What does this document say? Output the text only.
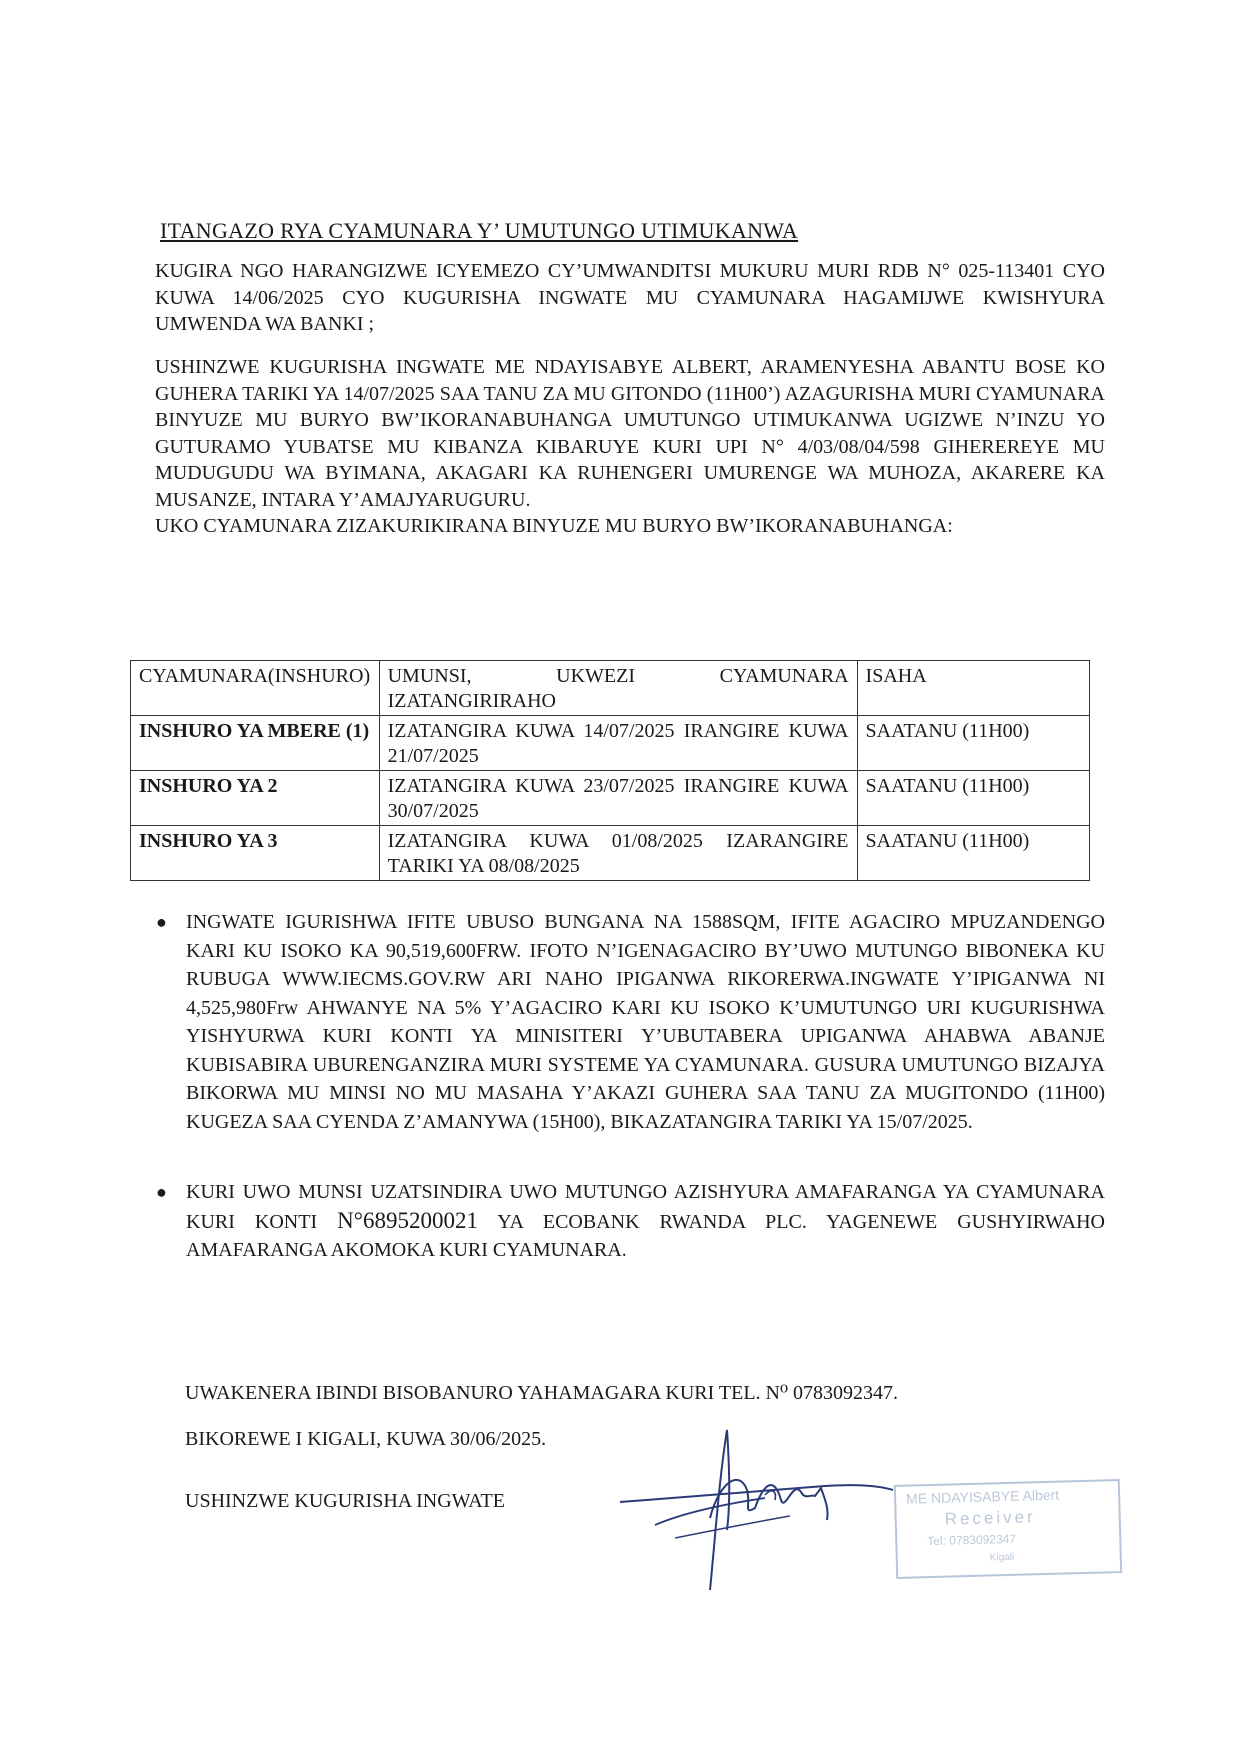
ITANGAZO RYA CYAMUNARA Y’ UMUTUNGO UTIMUKANWA

KUGIRA NGO HARANGIZWE ICYEMEZO CY’UMWANDITSI MUKURU MURI RDB N° 025-113401 CYO KUWA 14/06/2025 CYO KUGURISHA INGWATE MU CYAMUNARA HAGAMIJWE KWISHYURA UMWENDA WA BANKI ;

USHINZWE KUGURISHA INGWATE ME NDAYISABYE ALBERT, ARAMENYESHA ABANTU BOSE KO GUHERA TARIKI YA 14/07/2025 SAA TANU ZA MU GITONDO (11H00’) AZAGURISHA MURI CYAMUNARA BINYUZE MU BURYO BW’IKORANABUHANGA UMUTUNGO UTIMUKANWA UGIZWE N’INZU YO GUTURAMO YUBATSE MU KIBANZA KIBARUYE KURI UPI N° 4/03/08/04/598 GIHEREREYE MU MUDUGUDU WA BYIMANA, AKAGARI KA RUHENGERI UMURENGE WA MUHOZA, AKARERE KA MUSANZE, INTARA Y’AMAJYARUGURU.
UKO CYAMUNARA ZIZAKURIKIRANA BINYUZE MU BURYO BW’IKORANABUHANGA:

CYAMUNARA(INSHURO)	UMUNSI, UKWEZI CYAMUNARA IZATANGIRIRAHO	ISAHA
INSHURO YA MBERE (1)	IZATANGIRA KUWA 14/07/2025 IRANGIRE KUWA 21/07/2025	SAATANU (11H00)
INSHURO YA 2	IZATANGIRA KUWA 23/07/2025 IRANGIRE KUWA 30/07/2025	SAATANU (11H00)
INSHURO YA 3	IZATANGIRA KUWA 01/08/2025 IZARANGIRE TARIKI YA 08/08/2025	SAATANU (11H00)
● INGWATE IGURISHWA IFITE UBUSO BUNGANA NA 1588SQM, IFITE AGACIRO MPUZANDENGO KARI KU ISOKO KA 90,519,600FRW. IFOTO N’IGENAGACIRO BY’UWO MUTUNGO BIBONEKA KU RUBUGA WWW.IECMS.GOV.RW ARI NAHO IPIGANWA RIKORERWA.INGWATE Y’IPIGANWA NI 4,525,980Frw AHWANYE NA 5% Y’AGACIRO KARI KU ISOKO K’UMUTUNGO URI KUGURISHWA YISHYURWA KURI KONTI YA MINISITERI Y’UBUTABERA UPIGANWA AHABWA ABANJE KUBISABIRA UBURENGANZIRA MURI SYSTEME YA CYAMUNARA. GUSURA UMUTUNGO BIZAJYA BIKORWA MU MINSI NO MU MASAHA Y’AKAZI GUHERA SAA TANU ZA MUGITONDO (11H00) KUGEZA SAA CYENDA Z’AMANYWA (15H00), BIKAZATANGIRA TARIKI YA 15/07/2025.
● KURI UWO MUNSI UZATSINDIRA UWO MUTUNGO AZISHYURA AMAFARANGA YA CYAMUNARA KURI KONTI N°6895200021 YA ECOBANK RWANDA PLC. YAGENEWE GUSHYIRWAHO AMAFARANGA AKOMOKA KURI CYAMUNARA.

UWAKENERA IBINDI BISOBANURO YAHAMAGARA KURI TEL. N⁰ 0783092347.

BIKOREWE I KIGALI, KUWA 30/06/2025.

USHINZWE KUGURISHA INGWATE	ME NDAYISABYE Albert
Receiver
Tel: 0783092347
Kigali
